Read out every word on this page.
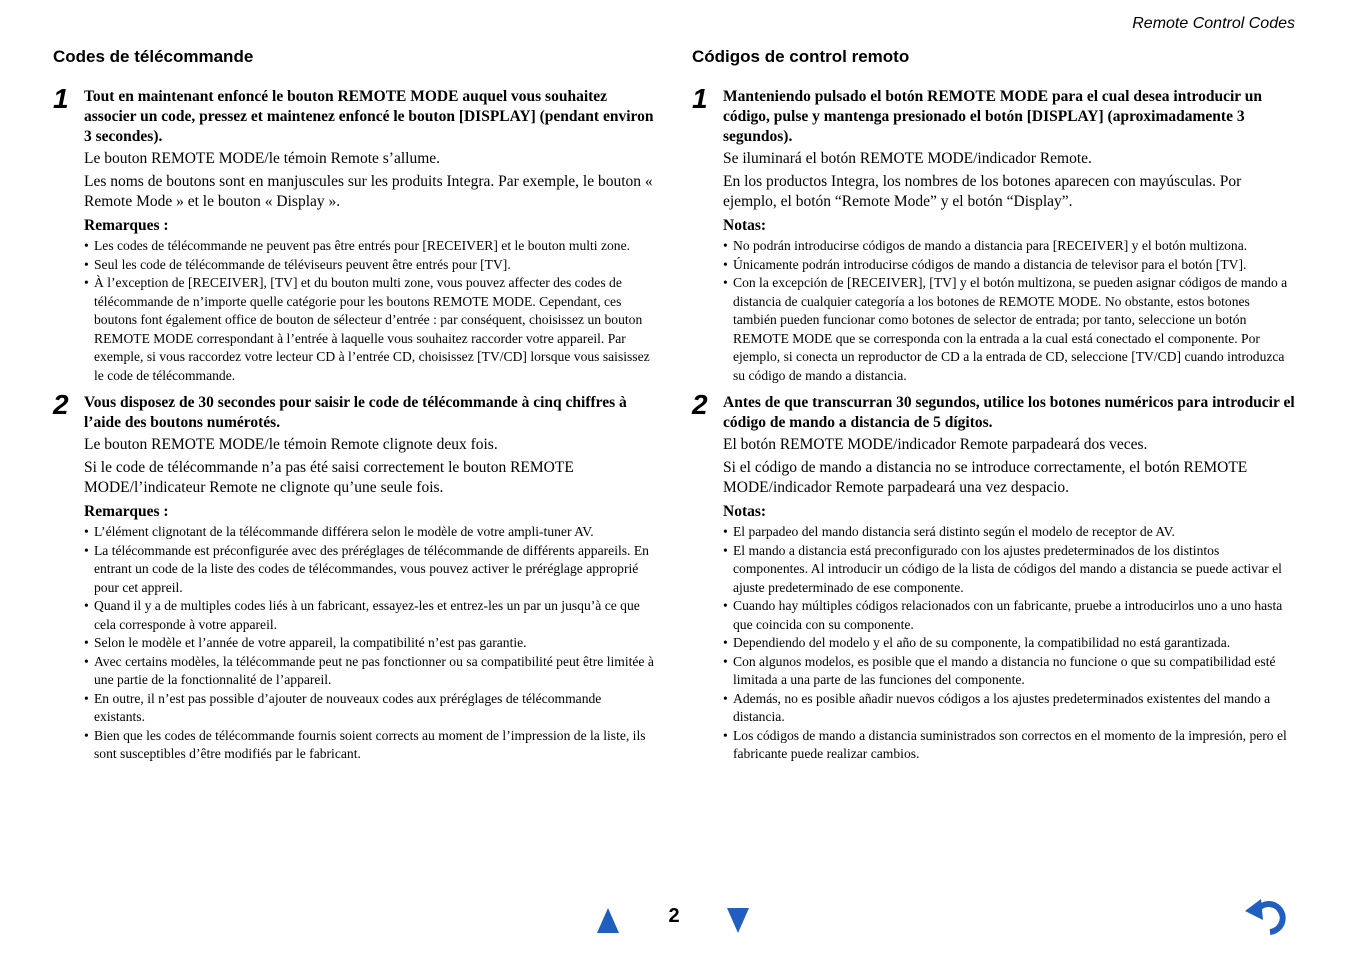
Remote Control Codes
Codes de télécommande
1 Tout en maintenant enfoncé le bouton REMOTE MODE auquel vous souhaitez associer un code, pressez et maintenez enfoncé le bouton [DISPLAY] (pendant environ 3 secondes).

Le bouton REMOTE MODE/le témoin Remote s’allume.

Les noms de boutons sont en manjuscules sur les produits Integra. Par exemple, le bouton « Remote Mode » et le bouton « Display ».

Remarques :
• Les codes de télécommande ne peuvent pas être entrés pour [RECEIVER] et le bouton multi zone.
• Seul les code de télécommande de téléviseurs peuvent être entrés pour [TV].
• À l’exception de [RECEIVER], [TV] et du bouton multi zone, vous pouvez affecter des codes de télécommande de n’importe quelle catégorie pour les boutons REMOTE MODE. Cependant, ces boutons font également office de bouton de sélecteur d’entrée : par conséquent, choisissez un bouton REMOTE MODE correspondant à l’entrée à laquelle vous souhaitez raccorder votre appareil. Par exemple, si vous raccordez votre lecteur CD à l’entrée CD, choisissez [TV/CD] lorsque vous saisissez le code de télécommande.
2 Vous disposez de 30 secondes pour saisir le code de télécommande à cinq chiffres à l’aide des boutons numérotés.

Le bouton REMOTE MODE/le témoin Remote clignote deux fois.

Si le code de télécommande n’a pas été saisi correctement le bouton REMOTE MODE/l’indicateur Remote ne clignote qu’une seule fois.

Remarques :
• L’élément clignotant de la télécommande différera selon le modèle de votre ampli-tuner AV.
• La télécommande est préconfigurée avec des préréglages de télécommande de différents appareils. En entrant un code de la liste des codes de télécommandes, vous pouvez activer le préréglage approprié pour cet appreil.
• Quand il y a de multiples codes liés à un fabricant, essayez-les et entrez-les un par un jusqu’à ce que cela corresponde à votre appareil.
• Selon le modèle et l’année de votre appareil, la compatibilité n’est pas garantie.
• Avec certains modèles, la télécommande peut ne pas fonctionner ou sa compatibilité peut être limitée à une partie de la fonctionnalité de l’appareil.
• En outre, il n’est pas possible d’ajouter de nouveaux codes aux préréglages de télécommande existants.
• Bien que les codes de télécommande fournis soient corrects au moment de l’impression de la liste, ils sont susceptibles d’être modifiés par le fabricant.
Códigos de control remoto
1 Manteniendo pulsado el botón REMOTE MODE para el cual desea introducir un código, pulse y mantenga presionado el botón [DISPLAY] (aproximadamente 3 segundos).

Se iluminará el botón REMOTE MODE/indicador Remote.

En los productos Integra, los nombres de los botones aparecen con mayúsculas. Por ejemplo, el botón “Remote Mode” y el botón “Display”.

Notas:
• No podrán introducirse códigos de mando a distancia para [RECEIVER] y el botón multizona.
• Únicamente podrán introducirse códigos de mando a distancia de televisor para el botón [TV].
• Con la excepción de [RECEIVER], [TV] y el botón multizona, se pueden asignar códigos de mando a distancia de cualquier categoría a los botones de REMOTE MODE. No obstante, estos botones también pueden funcionar como botones de selector de entrada; por tanto, seleccione un botón REMOTE MODE que se corresponda con la entrada a la cual está conectado el componente. Por ejemplo, si conecta un reproductor de CD a la entrada de CD, seleccione [TV/CD] cuando introduzca su código de mando a distancia.
2 Antes de que transcurran 30 segundos, utilice los botones numéricos para introducir el código de mando a distancia de 5 dígitos.

El botón REMOTE MODE/indicador Remote parpadeará dos veces.

Si el código de mando a distancia no se introduce correctamente, el botón REMOTE MODE/indicador Remote parpadeará una vez despacio.

Notas:
• El parpadeo del mando distancia será distinto según el modelo de receptor de AV.
• El mando a distancia está preconfigurado con los ajustes predeterminados de los distintos componentes. Al introducir un código de la lista de códigos del mando a distancia se puede activar el ajuste predeterminado de ese componente.
• Cuando hay múltiples códigos relacionados con un fabricante, pruebe a introducirlos uno a uno hasta que coincida con su componente.
• Dependiendo del modelo y el año de su componente, la compatibilidad no está garantizada.
• Con algunos modelos, es posible que el mando a distancia no funcione o que su compatibilidad esté limitada a una parte de las funciones del componente.
• Además, no es posible añadir nuevos códigos a los ajustes predeterminados existentes del mando a distancia.
• Los códigos de mando a distancia suministrados son correctos en el momento de la impresión, pero el fabricante puede realizar cambios.
2
